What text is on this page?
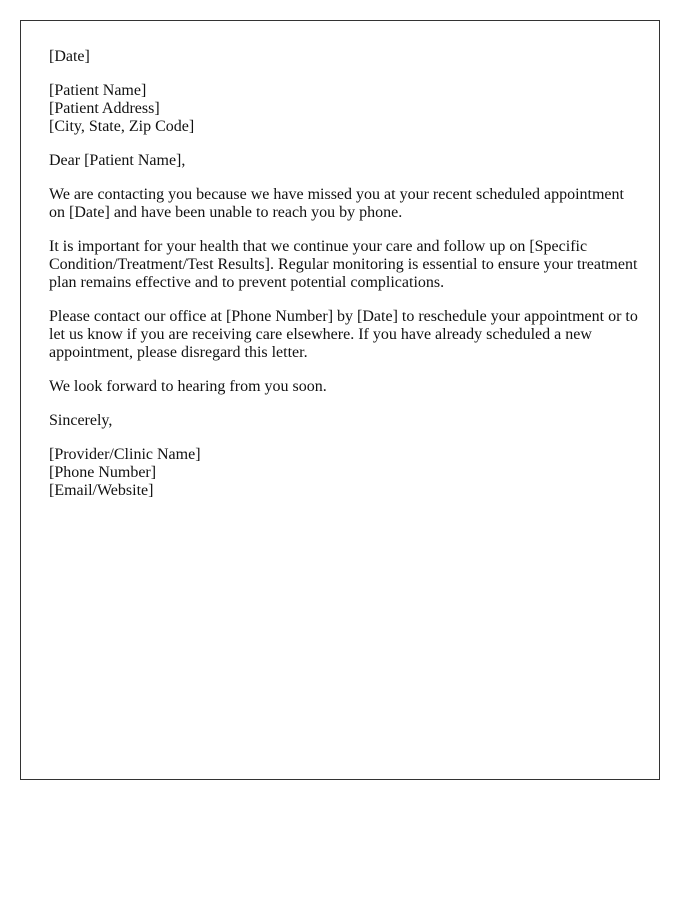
[Date]
[Patient Name]
[Patient Address]
[City, State, Zip Code]
Dear [Patient Name],
We are contacting you because we have missed you at your recent scheduled appointment on [Date] and have been unable to reach you by phone.
It is important for your health that we continue your care and follow up on [Specific Condition/Treatment/Test Results]. Regular monitoring is essential to ensure your treatment plan remains effective and to prevent potential complications.
Please contact our office at [Phone Number] by [Date] to reschedule your appointment or to let us know if you are receiving care elsewhere. If you have already scheduled a new appointment, please disregard this letter.
We look forward to hearing from you soon.
Sincerely,
[Provider/Clinic Name]
[Phone Number]
[Email/Website]
